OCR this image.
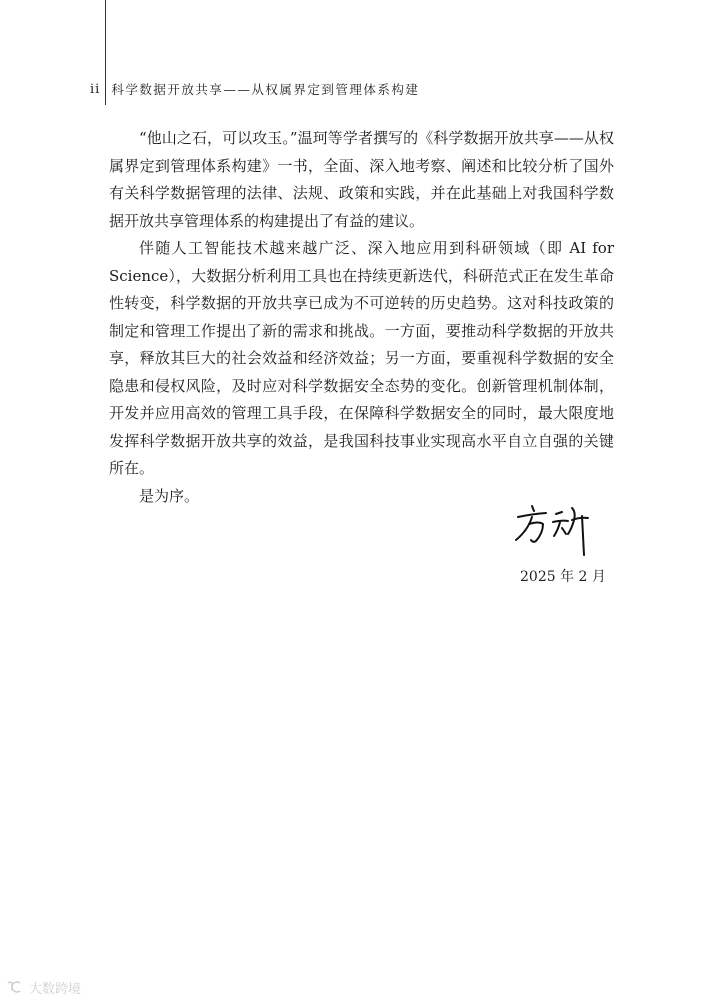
ii 科学数据开放共享——从权属界定到管理体系构建

“他山之石，可以攻玉。”温珂等学者撰写的《科学数据开放共享——从权属界定到管理体系构建》一书，全面、深入地考察、阐述和比较分析了国外有关科学数据管理的法律、法规、政策和实践，并在此基础上对我国科学数据开放共享管理体系的构建提出了有益的建议。

伴随人工智能技术越来越广泛、深入地应用到科研领域（即 AI for Science），大数据分析利用工具也在持续更新迭代，科研范式正在发生革命性转变，科学数据的开放共享已成为不可逆转的历史趋势。这对科技政策的制定和管理工作提出了新的需求和挑战。一方面，要推动科学数据的开放共享，释放其巨大的社会效益和经济效益；另一方面，要重视科学数据的安全隐患和侵权风险，及时应对科学数据安全态势的变化。创新管理机制体制，开发并应用高效的管理工具手段，在保障科学数据安全的同时，最大限度地发挥科学数据开放共享的效益，是我国科技事业实现高水平自立自强的关键所在。

是为序。

2025 年 2 月
大数跨境
